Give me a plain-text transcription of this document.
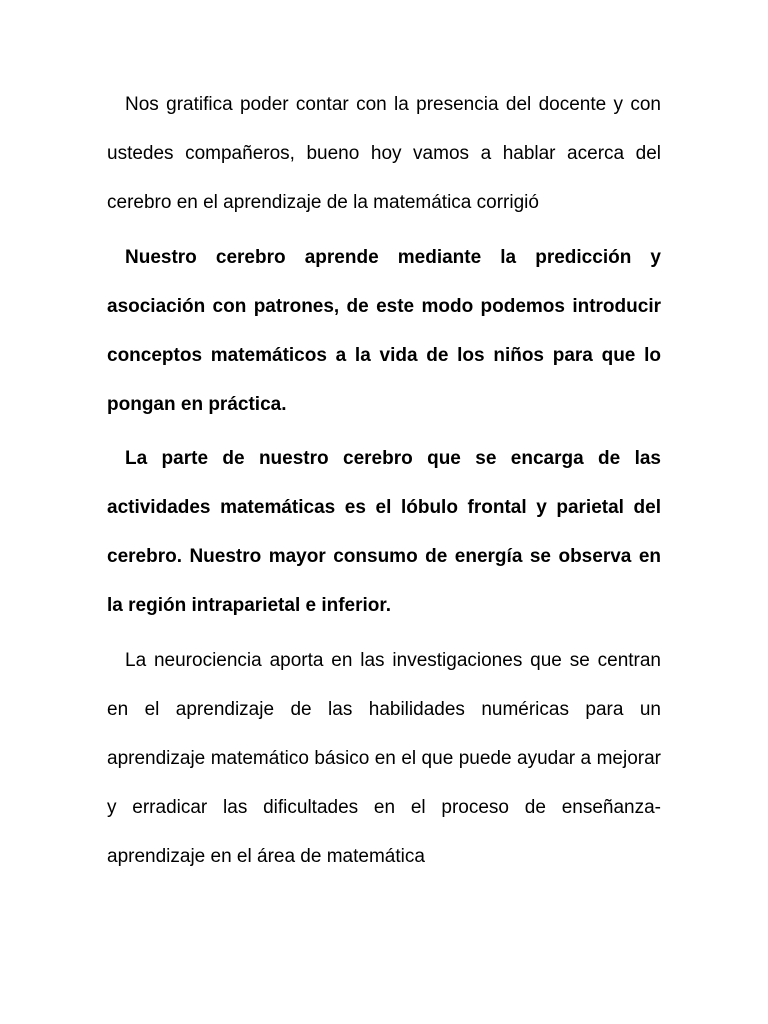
Nos gratifica poder contar con la presencia del docente y con ustedes compañeros, bueno hoy vamos a hablar acerca del cerebro en el aprendizaje de la matemática corrigió

Nuestro cerebro aprende mediante la predicción y asociación con patrones, de este modo podemos introducir conceptos matemáticos a la vida de los niños para que lo pongan en práctica.

La parte de nuestro cerebro que se encarga de las actividades matemáticas es el lóbulo frontal y parietal del cerebro. Nuestro mayor consumo de energía se observa en la región intraparietal e inferior.

La neurociencia aporta en las investigaciones que se centran en el aprendizaje de las habilidades numéricas para un aprendizaje matemático básico en el que puede ayudar a mejorar y erradicar las dificultades en el proceso de enseñanza-aprendizaje en el área de matemática
